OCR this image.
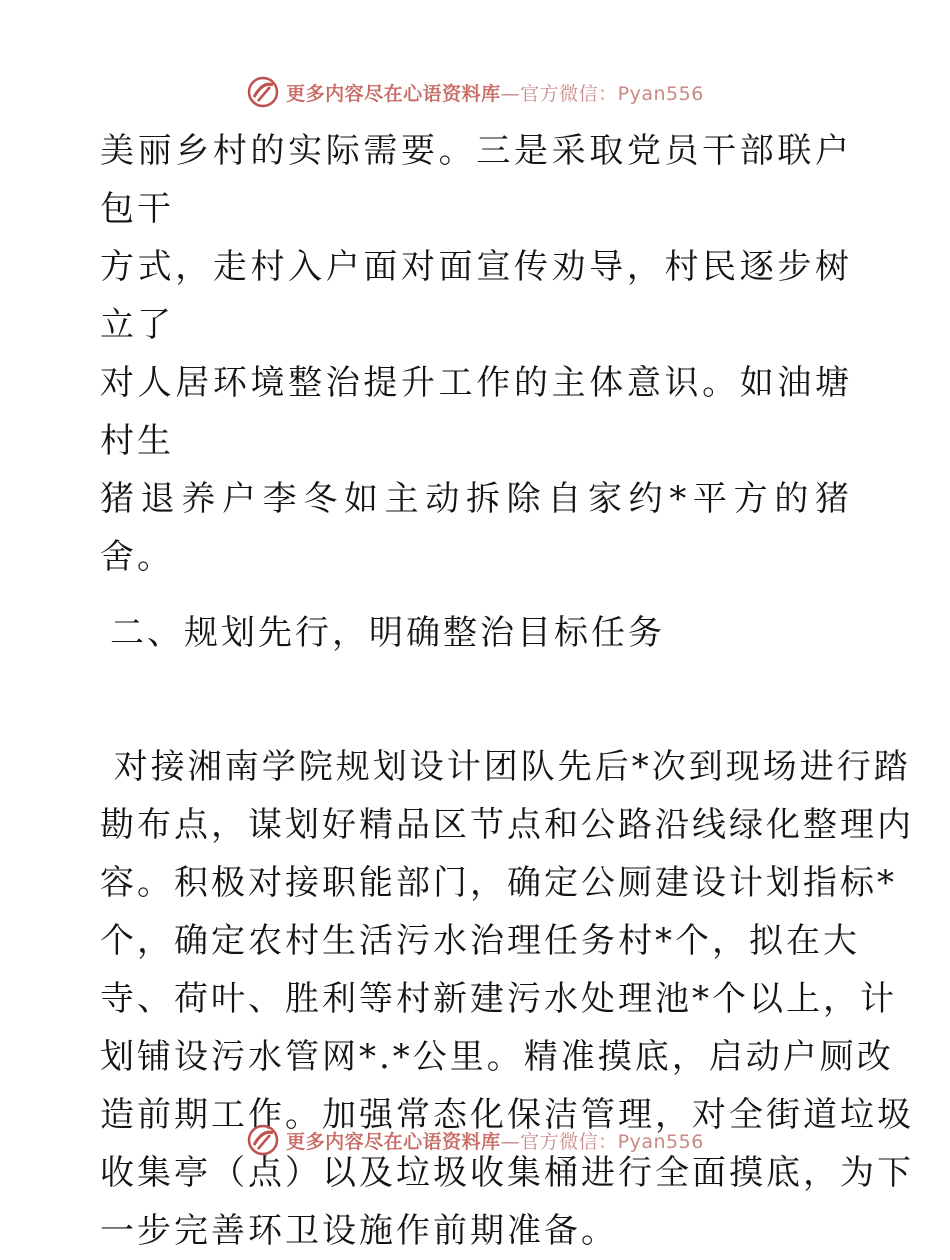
更多内容尽在心语资料库—官方微信：Pyan556

美丽乡村的实际需要。三是采取党员干部联户包干
方式，走村入户面对面宣传劝导，村民逐步树立了
对人居环境整治提升工作的主体意识。如油塘村生
猪退养户李冬如主动拆除自家约*平方的猪舍。

二、规划先行，明确整治目标任务

对接湘南学院规划设计团队先后*次到现场进行踏
勘布点，谋划好精品区节点和公路沿线绿化整理内
容。积极对接职能部门，确定公厕建设计划指标*
个，确定农村生活污水治理任务村*个，拟在大
寺、荷叶、胜利等村新建污水处理池*个以上，计
划铺设污水管网*.*公里。精准摸底，启动户厕改
造前期工作。加强常态化保洁管理，对全街道垃圾
收集亭（点）以及垃圾收集桶进行全面摸底，为下
一步完善环卫设施作前期准备。

更多内容尽在心语资料库—官方微信：Pyan556
